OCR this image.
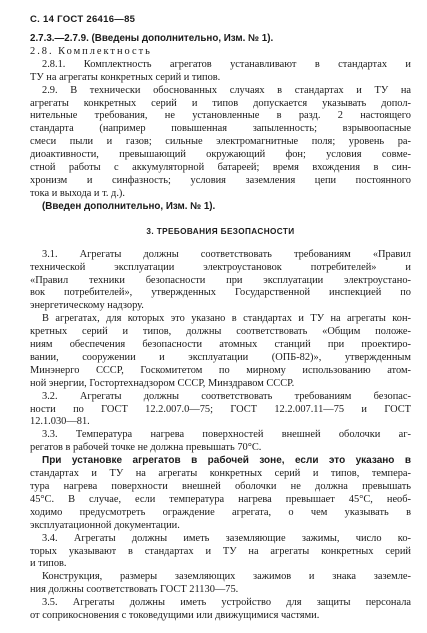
С. 14 ГОСТ 26416—85
2.7.3.—2.7.9. (Введены дополнительно, Изм. № 1).
2.8. Комплектность
2.8.1. Комплектность агрегатов устанавливают в стандартах и
ТУ на агрегаты конкретных серий и типов.
2.9. В технически обоснованных случаях в стандартах и ТУ на
агрегаты конкретных серий и типов допускается указывать допол-
нительные требования, не установленные в разд. 2 настоящего
стандарта (например повышенная запыленность; взрывоопасные
смеси пыли и газов; сильные электромагнитные поля; уровень ра-
диоактивности, превышающий окружающий фон; условия совме-
стной работы с аккумуляторной батареей; время вхождения в син-
хронизм и синфазность; условия заземления цепи постоянного
тока и выхода и т. д.).
(Введен дополнительно, Изм. № 1).
3. ТРЕБОВАНИЯ БЕЗОПАСНОСТИ
3.1. Агрегаты должны соответствовать требованиям «Правил
технической эксплуатации электроустановок потребителей» и
«Правил техники безопасности при эксплуатации электроустано-
вок потребителей», утвержденных Государственной инспекцией по
энергетическому надзору.
В агрегатах, для которых это указано в стандартах и ТУ на агрегаты кон-
кретных серий и типов, должны соответствовать «Общим положе-
ниям обеспечения безопасности атомных станций при проектиро-
вании, сооружении и эксплуатации (ОПБ-82)», утвержденным
Минэнерго СССР, Госкомитетом по мирному использованию атом-
ной энергии, Гостортехнадзором СССР, Минздравом СССР.
3.2. Агрегаты должны соответствовать требованиям безопас-
ности по ГОСТ 12.2.007.0—75; ГОСТ 12.2.007.11—75 и ГОСТ
12.1.030—81.
3.3. Температура нагрева поверхностей внешней оболочки аг-
регатов в рабочей точке не должна превышать 70°С.
При установке агрегатов в рабочей зоне, если это указано в
стандартах и ТУ на агрегаты конкретных серий и типов, темпера-
тура нагрева поверхности внешней оболочки не должна превышать
45°С. В случае, если температура нагрева превышает 45°С, необ-
ходимо предусмотреть ограждение агрегата, о чем указывать в
эксплуатационной документации.
3.4. Агрегаты должны иметь заземляющие зажимы, число ко-
торых указывают в стандартах и ТУ на агрегаты конкретных серий
и типов.
Конструкция, размеры заземляющих зажимов и знака заземле-
ния должны соответствовать ГОСТ 21130—75.
3.5. Агрегаты должны иметь устройство для защиты персонала
от соприкосновения с токоведущими или движущимися частями.
